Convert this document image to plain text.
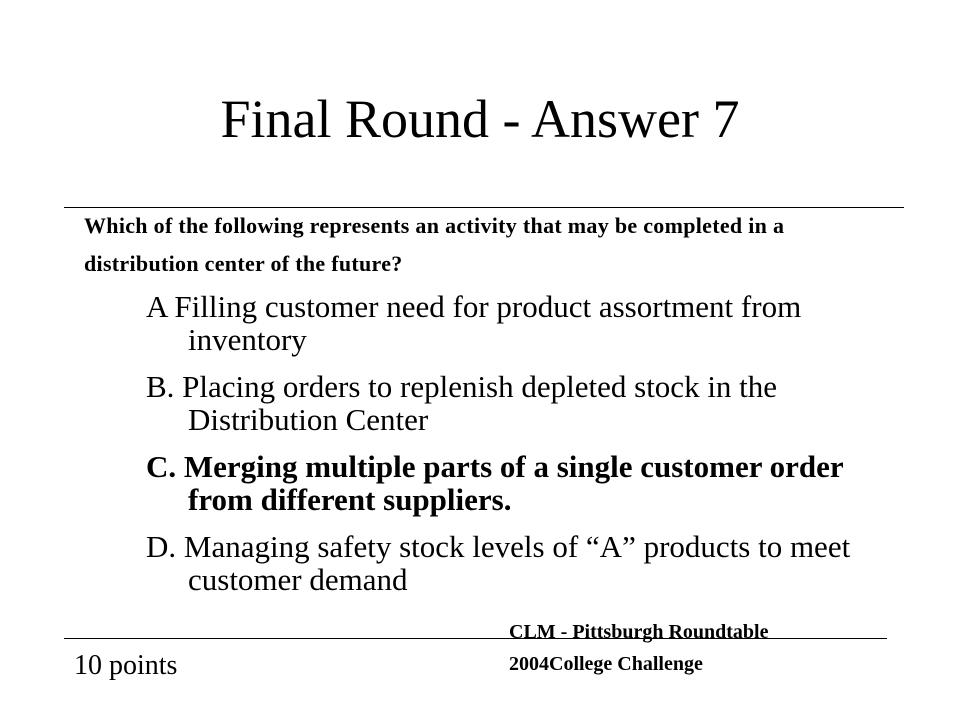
Final Round - Answer 7
Which of the following represents an activity that may be completed in a distribution center of the future?
A Filling customer need for product assortment from inventory
B. Placing orders to replenish depleted stock in the Distribution Center
C. Merging multiple parts of a single customer order from different suppliers.
D. Managing safety stock levels of “A” products to meet customer demand
10 points
CLM - Pittsburgh Roundtable
2004College Challenge
